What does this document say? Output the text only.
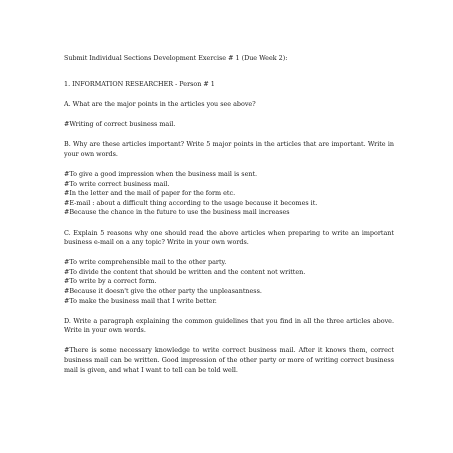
Submit Individual Sections Development Exercise # 1 (Due Week 2):

1. INFORMATION RESEARCHER - Person # 1

A. What are the major points in the articles you see above?

#Writing of correct business mail.

B. Why are these articles important? Write 5 major points in the articles that are important. Write in your own words.

#To give a good impression when the business mail is sent.

#To write correct business mail.

#In the letter and the mail of paper for the form etc.

#E-mail : about a difficult thing according to the usage because it becomes it.

#Because the chance in the future to use the business mail increases

C. Explain 5 reasons why one should read the above articles when preparing to write an important business e-mail on a any topic? Write in your own words.

#To write comprehensible mail to the other party.

#To divide the content that should be written and the content not written.

#To write by a correct form.

#Because it doesn't give the other party the unpleasantness.

#To make the business mail that I write better.

D. Write a paragraph explaining the common guidelines that you find in all the three articles above. Write in your own words.

#There is some necessary knowledge to write correct business mail. After it knows them, correct business mail can be written. Good impression of the other party or more of writing correct business mail is given, and what I want to tell can be told well.
